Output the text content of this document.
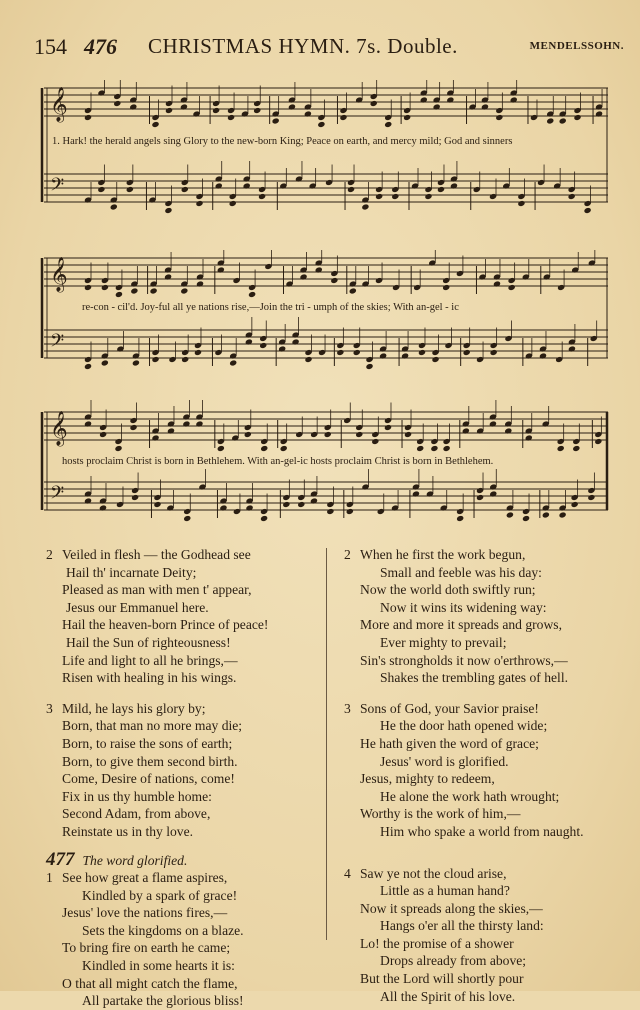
154 476 CHRISTMAS HYMN. 7s. Double.	MENDELSSOHN.
𝄞
𝄢
1. Hark! the herald angels sing Glory to the new-born King; Peace on earth, and mercy mild; God and sinners
𝄞
𝄢
re-con - cil'd. Joy-ful all ye nations rise,—Join the tri - umph of the skies; With an-gel - ic
𝄞
𝄢
hosts proclaim Christ is born in Bethlehem. With an-gel-ic hosts proclaim Christ is born in Bethlehem.
2 Veiled in flesh — the Godhead see
Hail th' incarnate Deity;
Pleased as man with men t' appear,
Jesus our Emmanuel here.
Hail the heaven-born Prince of peace!
Hail the Sun of righteousness!
Life and light to all he brings,—
Risen with healing in his wings.
3 Mild, he lays his glory by;
Born, that man no more may die;
Born, to raise the sons of earth;
Born, to give them second birth.
Come, Desire of nations, come!
Fix in us thy humble home:
Second Adam, from above,
Reinstate us in thy love.
477 The word glorified.
1 See how great a flame aspires,
Kindled by a spark of grace!
Jesus' love the nations fires,—
Sets the kingdoms on a blaze.
To bring fire on earth he came;
Kindled in some hearts it is:
O that all might catch the flame,
All partake the glorious bliss!
2 When he first the work begun,
Small and feeble was his day:
Now the world doth swiftly run;
Now it wins its widening way:
More and more it spreads and grows,
Ever mighty to prevail;
Sin's strongholds it now o'erthrows,—
Shakes the trembling gates of hell.
3 Sons of God, your Savior praise!
He the door hath opened wide;
He hath given the word of grace;
Jesus' word is glorified.
Jesus, mighty to redeem,
He alone the work hath wrought;
Worthy is the work of him,—
Him who spake a world from naught.
4 Saw ye not the cloud arise,
Little as a human hand?
Now it spreads along the skies,—
Hangs o'er all the thirsty land:
Lo! the promise of a shower
Drops already from above;
But the Lord will shortly pour
All the Spirit of his love.
